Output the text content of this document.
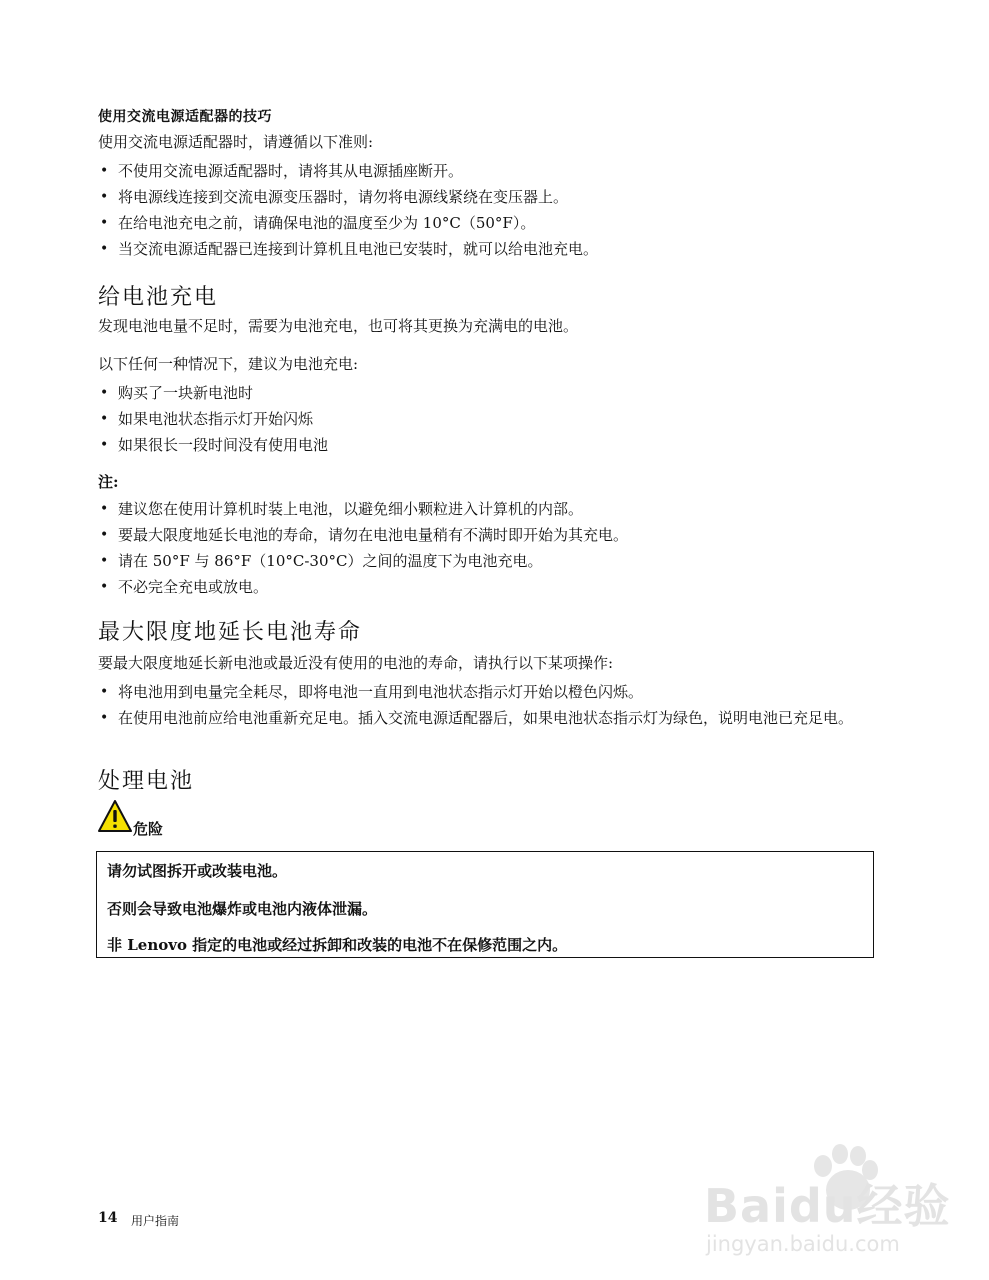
使用交流电源适配器的技巧
使用交流电源适配器时，请遵循以下准则:
• 不使用交流电源适配器时，请将其从电源插座断开。
• 将电源线连接到交流电源变压器时，请勿将电源线紧绕在变压器上。
• 在给电池充电之前，请确保电池的温度至少为 10°C（50°F）。
• 当交流电源适配器已连接到计算机且电池已安装时，就可以给电池充电。
给电池充电
发现电池电量不足时，需要为电池充电，也可将其更换为充满电的电池。
以下任何一种情况下，建议为电池充电:
• 购买了一块新电池时
• 如果电池状态指示灯开始闪烁
• 如果很长一段时间没有使用电池
注:
• 建议您在使用计算机时装上电池，以避免细小颗粒进入计算机的内部。
• 要最大限度地延长电池的寿命，请勿在电池电量稍有不满时即开始为其充电。
• 请在 50°F 与 86°F（10°C-30°C）之间的温度下为电池充电。
• 不必完全充电或放电。
最大限度地延长电池寿命
要最大限度地延长新电池或最近没有使用的电池的寿命，请执行以下某项操作:
• 将电池用到电量完全耗尽，即将电池一直用到电池状态指示灯开始以橙色闪烁。
• 在使用电池前应给电池重新充足电。插入交流电源适配器后，如果电池状态指示灯为绿色，说明电池已充足电。
处理电池
危险
请勿试图拆开或改装电池。
否则会导致电池爆炸或电池内液体泄漏。
非 Lenovo 指定的电池或经过拆卸和改装的电池不在保修范围之内。
14 用户指南	Baidu经验
jingyan.baidu.com
